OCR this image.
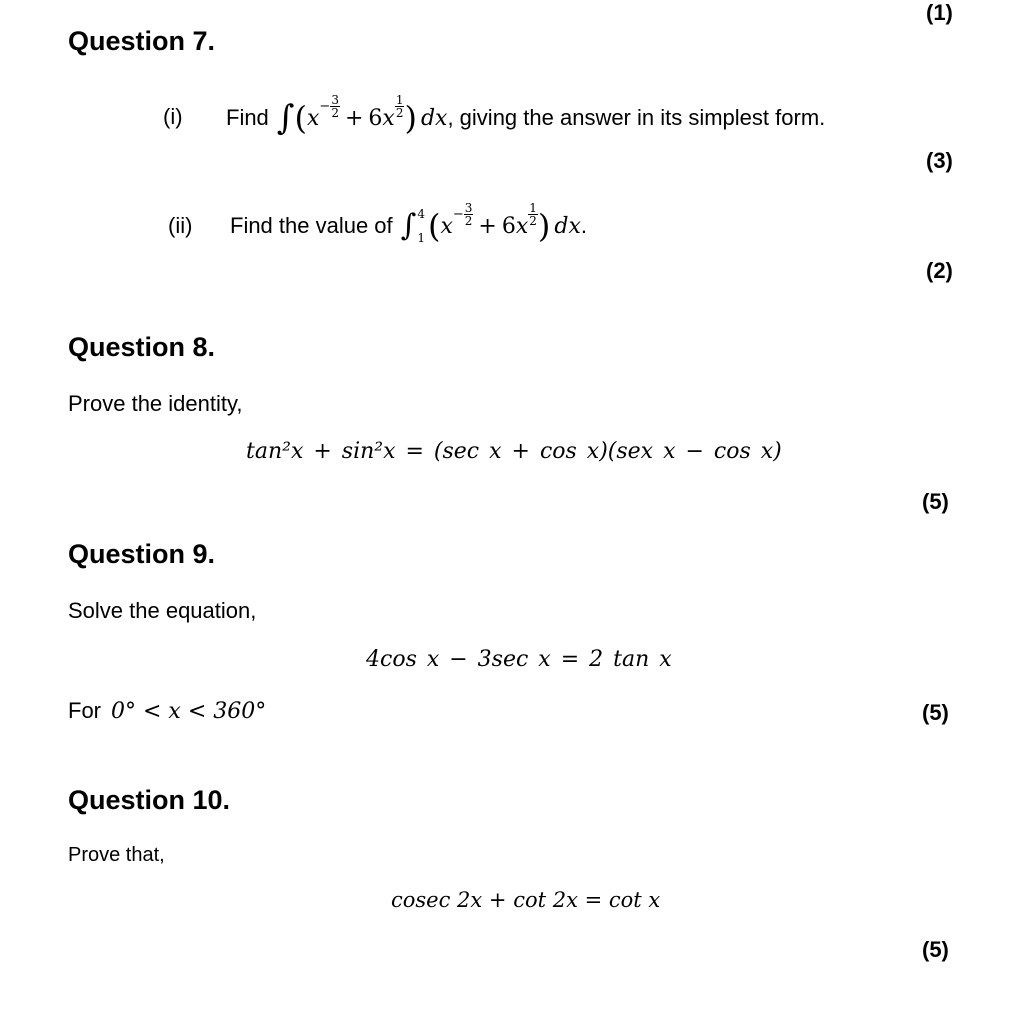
(1)
Question 7.
(i) Find ∫ ( $x - \frac{3}{2} + 6$ x $\frac{1}{2}$ ) dx , giving the answer in its simplest form.
(3)
(ii) Find the value of ∫ 4
1 ( $x - \frac{3}{2} + 6$ x $\frac{1}{2}$ ) dx .
(2)
Question 8.
Prove the identity,
tan²x + sin²x = (sec x + cos x)(sex x − cos x)
(5)
Question 9.
Solve the equation,
4cos x − 3sec x = 2 tan x
For 0° < x < 360°	(5)
Question 10.
Prove that,
cosec 2x + cot 2x = cot x
(5)
